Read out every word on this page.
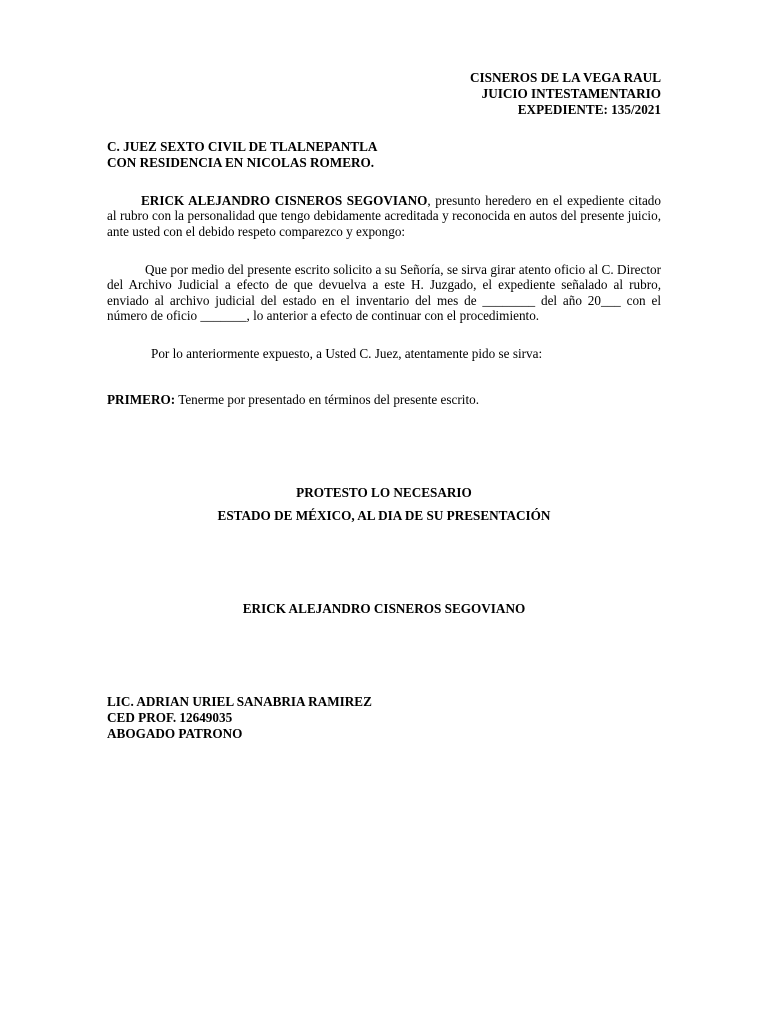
CISNEROS DE LA VEGA RAUL
JUICIO INTESTAMENTARIO
EXPEDIENTE: 135/2021
C. JUEZ SEXTO CIVIL DE TLALNEPANTLA
CON RESIDENCIA EN NICOLAS ROMERO.
ERICK ALEJANDRO CISNEROS SEGOVIANO, presunto heredero en el expediente citado al rubro con la personalidad que tengo debidamente acreditada y reconocida en autos del presente juicio, ante usted con el debido respeto comparezco y expongo:
Que por medio del presente escrito solicito a su Señoría, se sirva girar atento oficio al C. Director del Archivo Judicial a efecto de que devuelva a este H. Juzgado, el expediente señalado al rubro, enviado al archivo judicial del estado en el inventario del mes de ________ del año 20___ con el número de oficio _______, lo anterior a efecto de continuar con el procedimiento.
Por lo anteriormente expuesto, a Usted C. Juez, atentamente pido se sirva:
PRIMERO: Tenerme por presentado en términos del presente escrito.
PROTESTO LO NECESARIO
ESTADO DE MÉXICO, AL DIA DE SU PRESENTACIÓN
ERICK ALEJANDRO CISNEROS SEGOVIANO
LIC. ADRIAN URIEL SANABRIA RAMIREZ
CED PROF. 12649035
ABOGADO PATRONO
